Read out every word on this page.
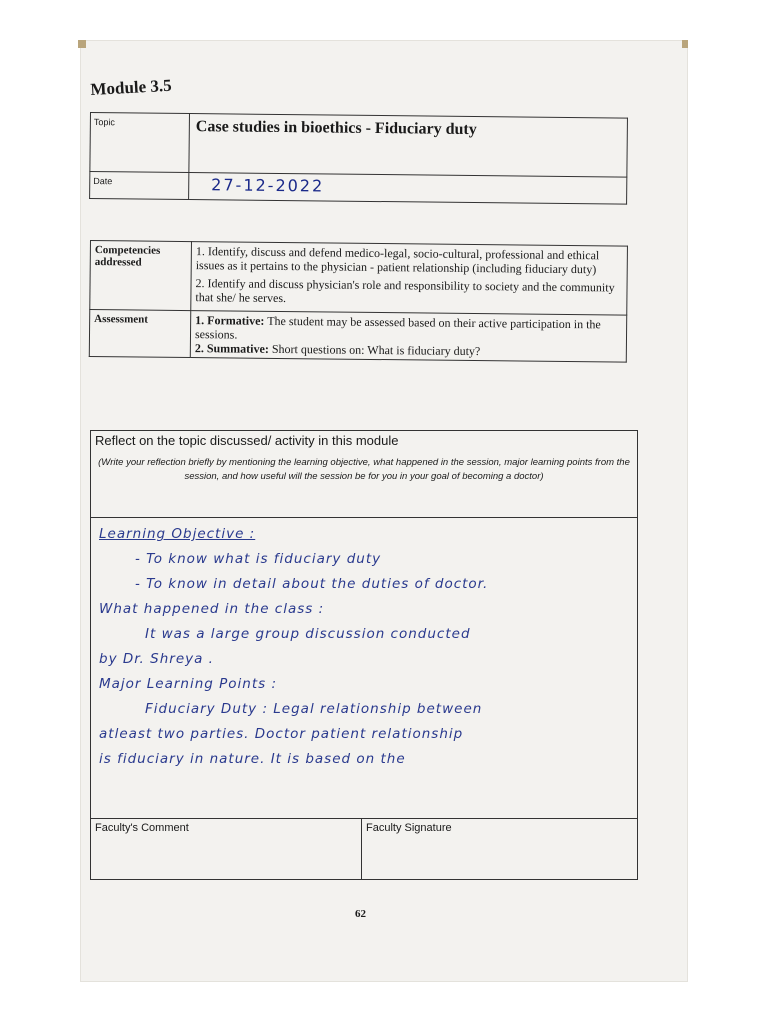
Module 3.5
Topic	Case studies in bioethics - Fiduciary duty
Date	27-12-2022
Competencies addressed	1. Identify, discuss and defend medico-legal, socio-cultural, professional and ethical issues as it pertains to the physician - patient relationship (including fiduciary duty)

2. Identify and discuss physician's role and responsibility to society and the community that she/ he serves.

Assessment	1. Formative: The student may be assessed based on their active participation in the sessions.
2. Summative: Short questions on: What is fiduciary duty?
Reflect on the topic discussed/ activity in this module
(Write your reflection briefly by mentioning the learning objective, what happened in the session, major learning points from the session, and how useful will the session be for you in your goal of becoming a doctor)

Learning Objective :
- To know what is fiduciary duty
- To know in detail about the duties of doctor.
What happened in the class :
It was a large group discussion conducted
by Dr. Shreya .
Major Learning Points :
Fiduciary Duty : Legal relationship between
atleast two parties. Doctor patient relationship
is fiduciary in nature. It is based on the

Faculty's Comment	Faculty Signature
62
